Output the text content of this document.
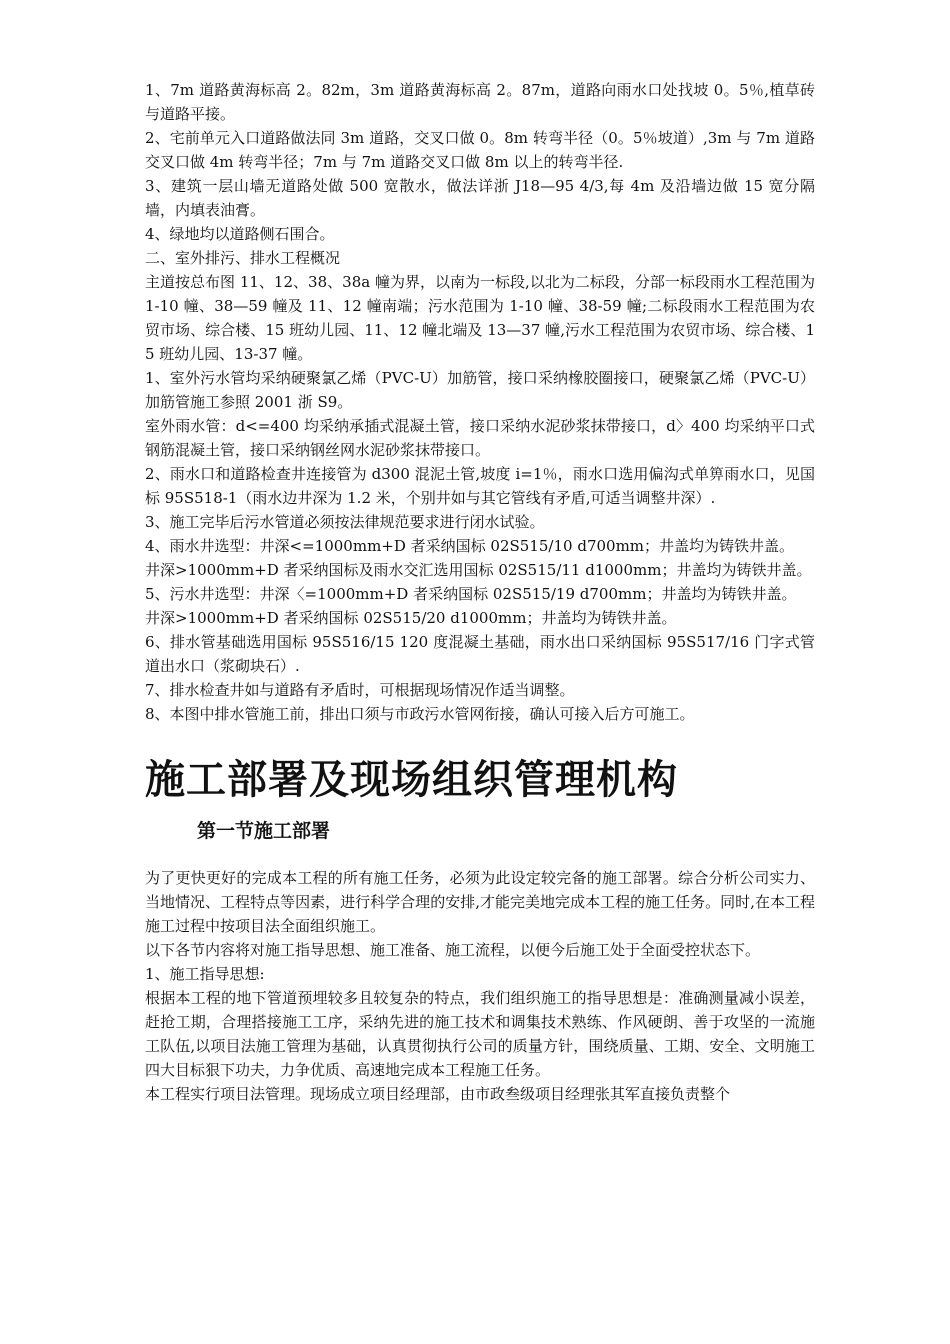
1、7m 道路黄海标高 2。82m，3m 道路黄海标高 2。87m，道路向雨水口处找坡 0。5％,植草砖与道路平接。

2、宅前单元入口道路做法同 3m 道路，交叉口做 0。8m 转弯半径（0。5％坡道）,3m 与 7m 道路交叉口做 4m 转弯半径；7m 与 7m 道路交叉口做 8m 以上的转弯半径.

3、建筑一层山墙无道路处做 500 宽散水，做法详浙 J18—95 4/3,每 4m 及沿墙边做 15 宽分隔墙，内填表油膏。

4、绿地均以道路侧石围合。

二、室外排污、排水工程概况

主道按总布图 11、12、38、38a 幢为界，以南为一标段,以北为二标段，分部一标段雨水工程范围为 1-10 幢、38—59 幢及 11、12 幢南端；污水范围为 1-10 幢、38-59 幢;二标段雨水工程范围为农贸市场、综合楼、15 班幼儿园、11、12 幢北端及 13—37 幢,污水工程范围为农贸市场、综合楼、15 班幼儿园、13-37 幢。

1、室外污水管均采纳硬聚氯乙烯（PVC-U）加筋管，接口采纳橡胶圈接口，硬聚氯乙烯（PVC-U）加筋管施工参照 2001 浙 S9。

室外雨水管：d<=400 均采纳承插式混凝土管，接口采纳水泥砂浆抹带接口，d〉400 均采纳平口式钢筋混凝土管，接口采纳钢丝网水泥砂浆抹带接口。

2、雨水口和道路检查井连接管为 d300 混泥土管,坡度 i=1％，雨水口选用偏沟式单箅雨水口，见国标 95S518-1（雨水边井深为 1.2 米，个别井如与其它管线有矛盾,可适当调整井深）.

3、施工完毕后污水管道必须按法律规范要求进行闭水试验。

4、雨水井选型：井深<=1000mm+D 者采纳国标 02S515/10 d700mm；井盖均为铸铁井盖。

井深>1000mm+D 者采纳国标及雨水交汇选用国标 02S515/11 d1000mm；井盖均为铸铁井盖。

5、污水井选型：井深〈=1000mm+D 者采纳国标 02S515/19 d700mm；井盖均为铸铁井盖。

井深>1000mm+D 者采纳国标 02S515/20 d1000mm；井盖均为铸铁井盖。

6、排水管基础选用国标 95S516/15 120 度混凝土基础，雨水出口采纳国标 95S517/16 门字式管道出水口（浆砌块石）.

7、排水检查井如与道路有矛盾时，可根据现场情况作适当调整。

8、本图中排水管施工前，排出口须与市政污水管网衔接，确认可接入后方可施工。

施工部署及现场组织管理机构
第一节施工部署

为了更快更好的完成本工程的所有施工任务，必须为此设定较完备的施工部署。综合分析公司实力、当地情况、工程特点等因素，进行科学合理的安排,才能完美地完成本工程的施工任务。同时,在本工程施工过程中按项目法全面组织施工。

以下各节内容将对施工指导思想、施工准备、施工流程，以便今后施工处于全面受控状态下。

1、施工指导思想:

根据本工程的地下管道预埋较多且较复杂的特点，我们组织施工的指导思想是：准确测量减小误差，赶抢工期，合理搭接施工工序，采纳先进的施工技术和调集技术熟练、作风硬朗、善于攻坚的一流施工队伍,以项目法施工管理为基础，认真贯彻执行公司的质量方针，围绕质量、工期、安全、文明施工四大目标狠下功夫，力争优质、高速地完成本工程施工任务。

本工程实行项目法管理。现场成立项目经理部，由市政叁级项目经理张其军直接负责整个
